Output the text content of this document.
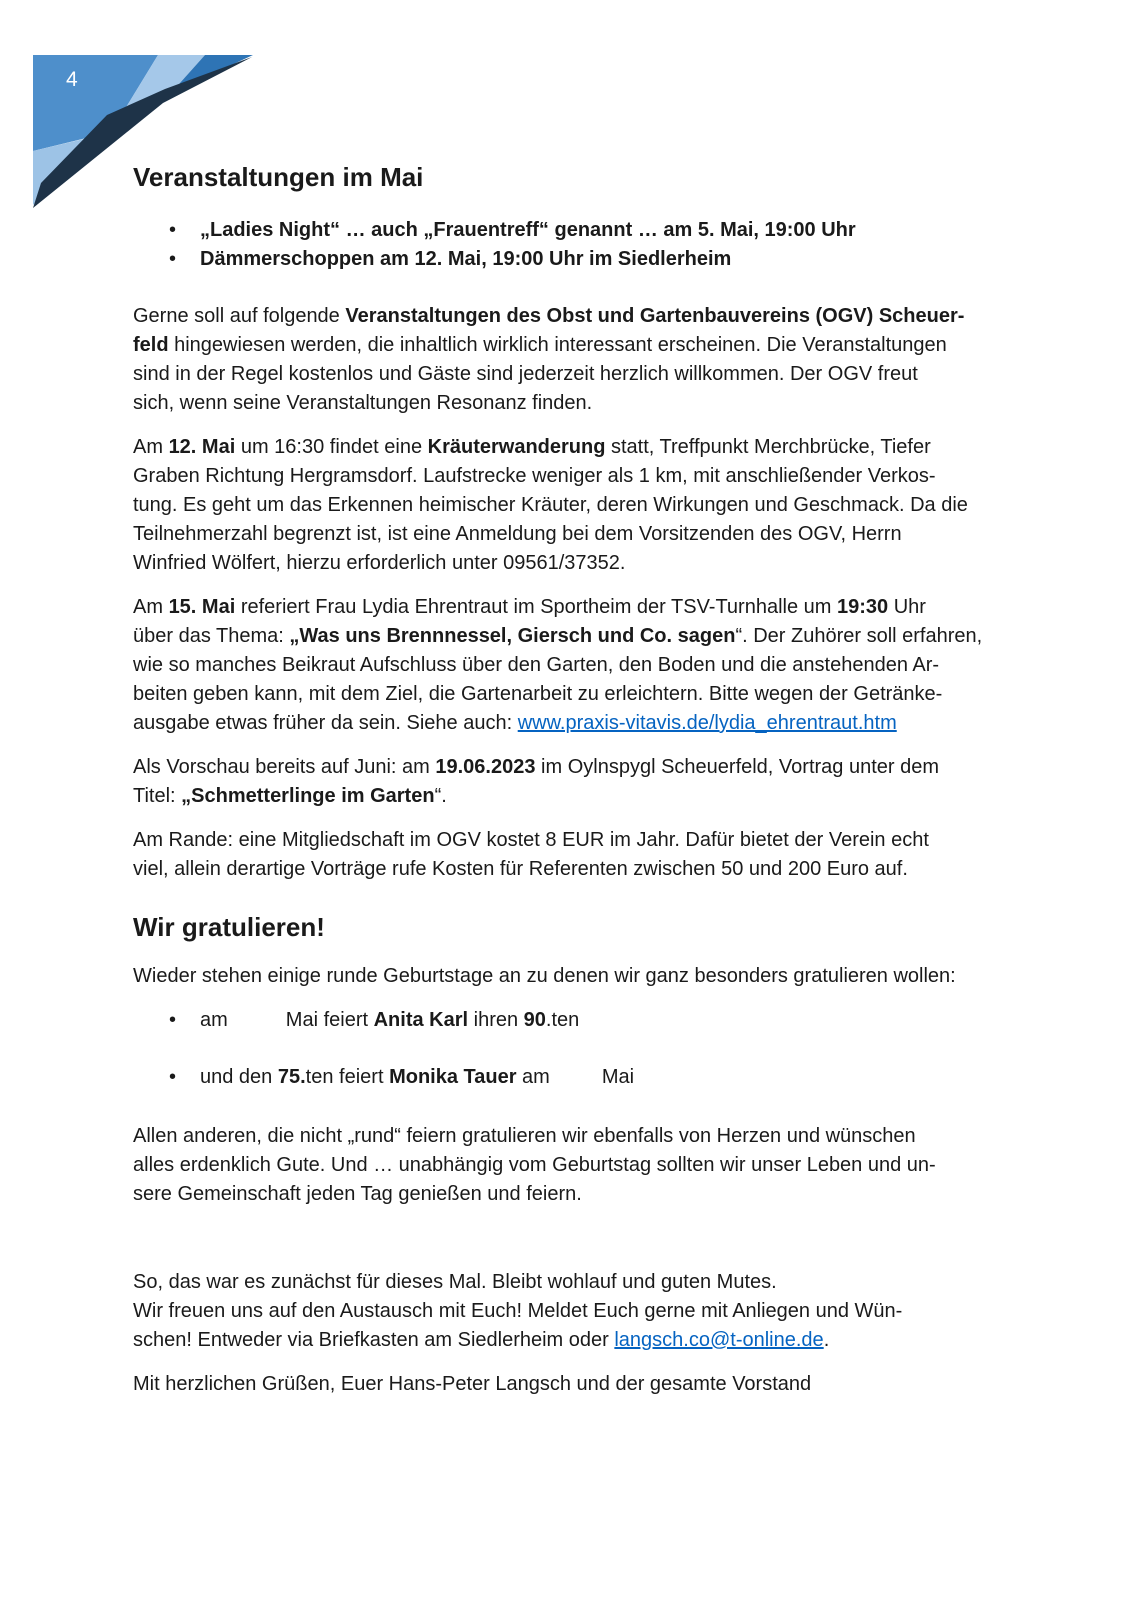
4
Veranstaltungen im Mai
•	„Ladies Night“ … auch „Frauentreff“ genannt … am 5. Mai, 19:00 Uhr
•	Dämmerschoppen am 12. Mai, 19:00 Uhr im Siedlerheim
Gerne soll auf folgende Veranstaltungen des Obst und Gartenbauvereins (OGV) Scheuer-
feld hingewiesen werden, die inhaltlich wirklich interessant erscheinen. Die Veranstaltungen
sind in der Regel kostenlos und Gäste sind jederzeit herzlich willkommen. Der OGV freut
sich, wenn seine Veranstaltungen Resonanz finden.
Am 12. Mai um 16:30 findet eine Kräuterwanderung statt, Treffpunkt Merchbrücke, Tiefer
Graben Richtung Hergramsdorf. Laufstrecke weniger als 1 km, mit anschließender Verkos-
tung. Es geht um das Erkennen heimischer Kräuter, deren Wirkungen und Geschmack. Da die
Teilnehmerzahl begrenzt ist, ist eine Anmeldung bei dem Vorsitzenden des OGV, Herrn
Winfried Wölfert, hierzu erforderlich unter 09561/37352.
Am 15. Mai referiert Frau Lydia Ehrentraut im Sportheim der TSV-Turnhalle um 19:30 Uhr
über das Thema: „Was uns Brennnessel, Giersch und Co. sagen“. Der Zuhörer soll erfahren,
wie so manches Beikraut Aufschluss über den Garten, den Boden und die anstehenden Ar-
beiten geben kann, mit dem Ziel, die Gartenarbeit zu erleichtern. Bitte wegen der Getränke-
ausgabe etwas früher da sein. Siehe auch: www.praxis-vitavis.de/lydia_ehrentraut.htm
Als Vorschau bereits auf Juni: am 19.06.2023 im Oylnspygl Scheuerfeld, Vortrag unter dem
Titel: „Schmetterlinge im Garten“.
Am Rande: eine Mitgliedschaft im OGV kostet 8 EUR im Jahr. Dafür bietet der Verein echt
viel, allein derartige Vorträge rufe Kosten für Referenten zwischen 50 und 200 Euro auf.
Wir gratulieren!
Wieder stehen einige runde Geburtstage an zu denen wir ganz besonders gratulieren wollen:
•	am	Mai feiert Anita Karl ihren 90.ten
•	und den 75.ten feiert Monika Tauer am	Mai
Allen anderen, die nicht „rund“ feiern gratulieren wir ebenfalls von Herzen und wünschen
alles erdenklich Gute. Und … unabhängig vom Geburtstag sollten wir unser Leben und un-
sere Gemeinschaft jeden Tag genießen und feiern.
So, das war es zunächst für dieses Mal. Bleibt wohlauf und guten Mutes.
Wir freuen uns auf den Austausch mit Euch! Meldet Euch gerne mit Anliegen und Wün-
schen! Entweder via Briefkasten am Siedlerheim oder langsch.co@t-online.de.
Mit herzlichen Grüßen, Euer Hans-Peter Langsch und der gesamte Vorstand
